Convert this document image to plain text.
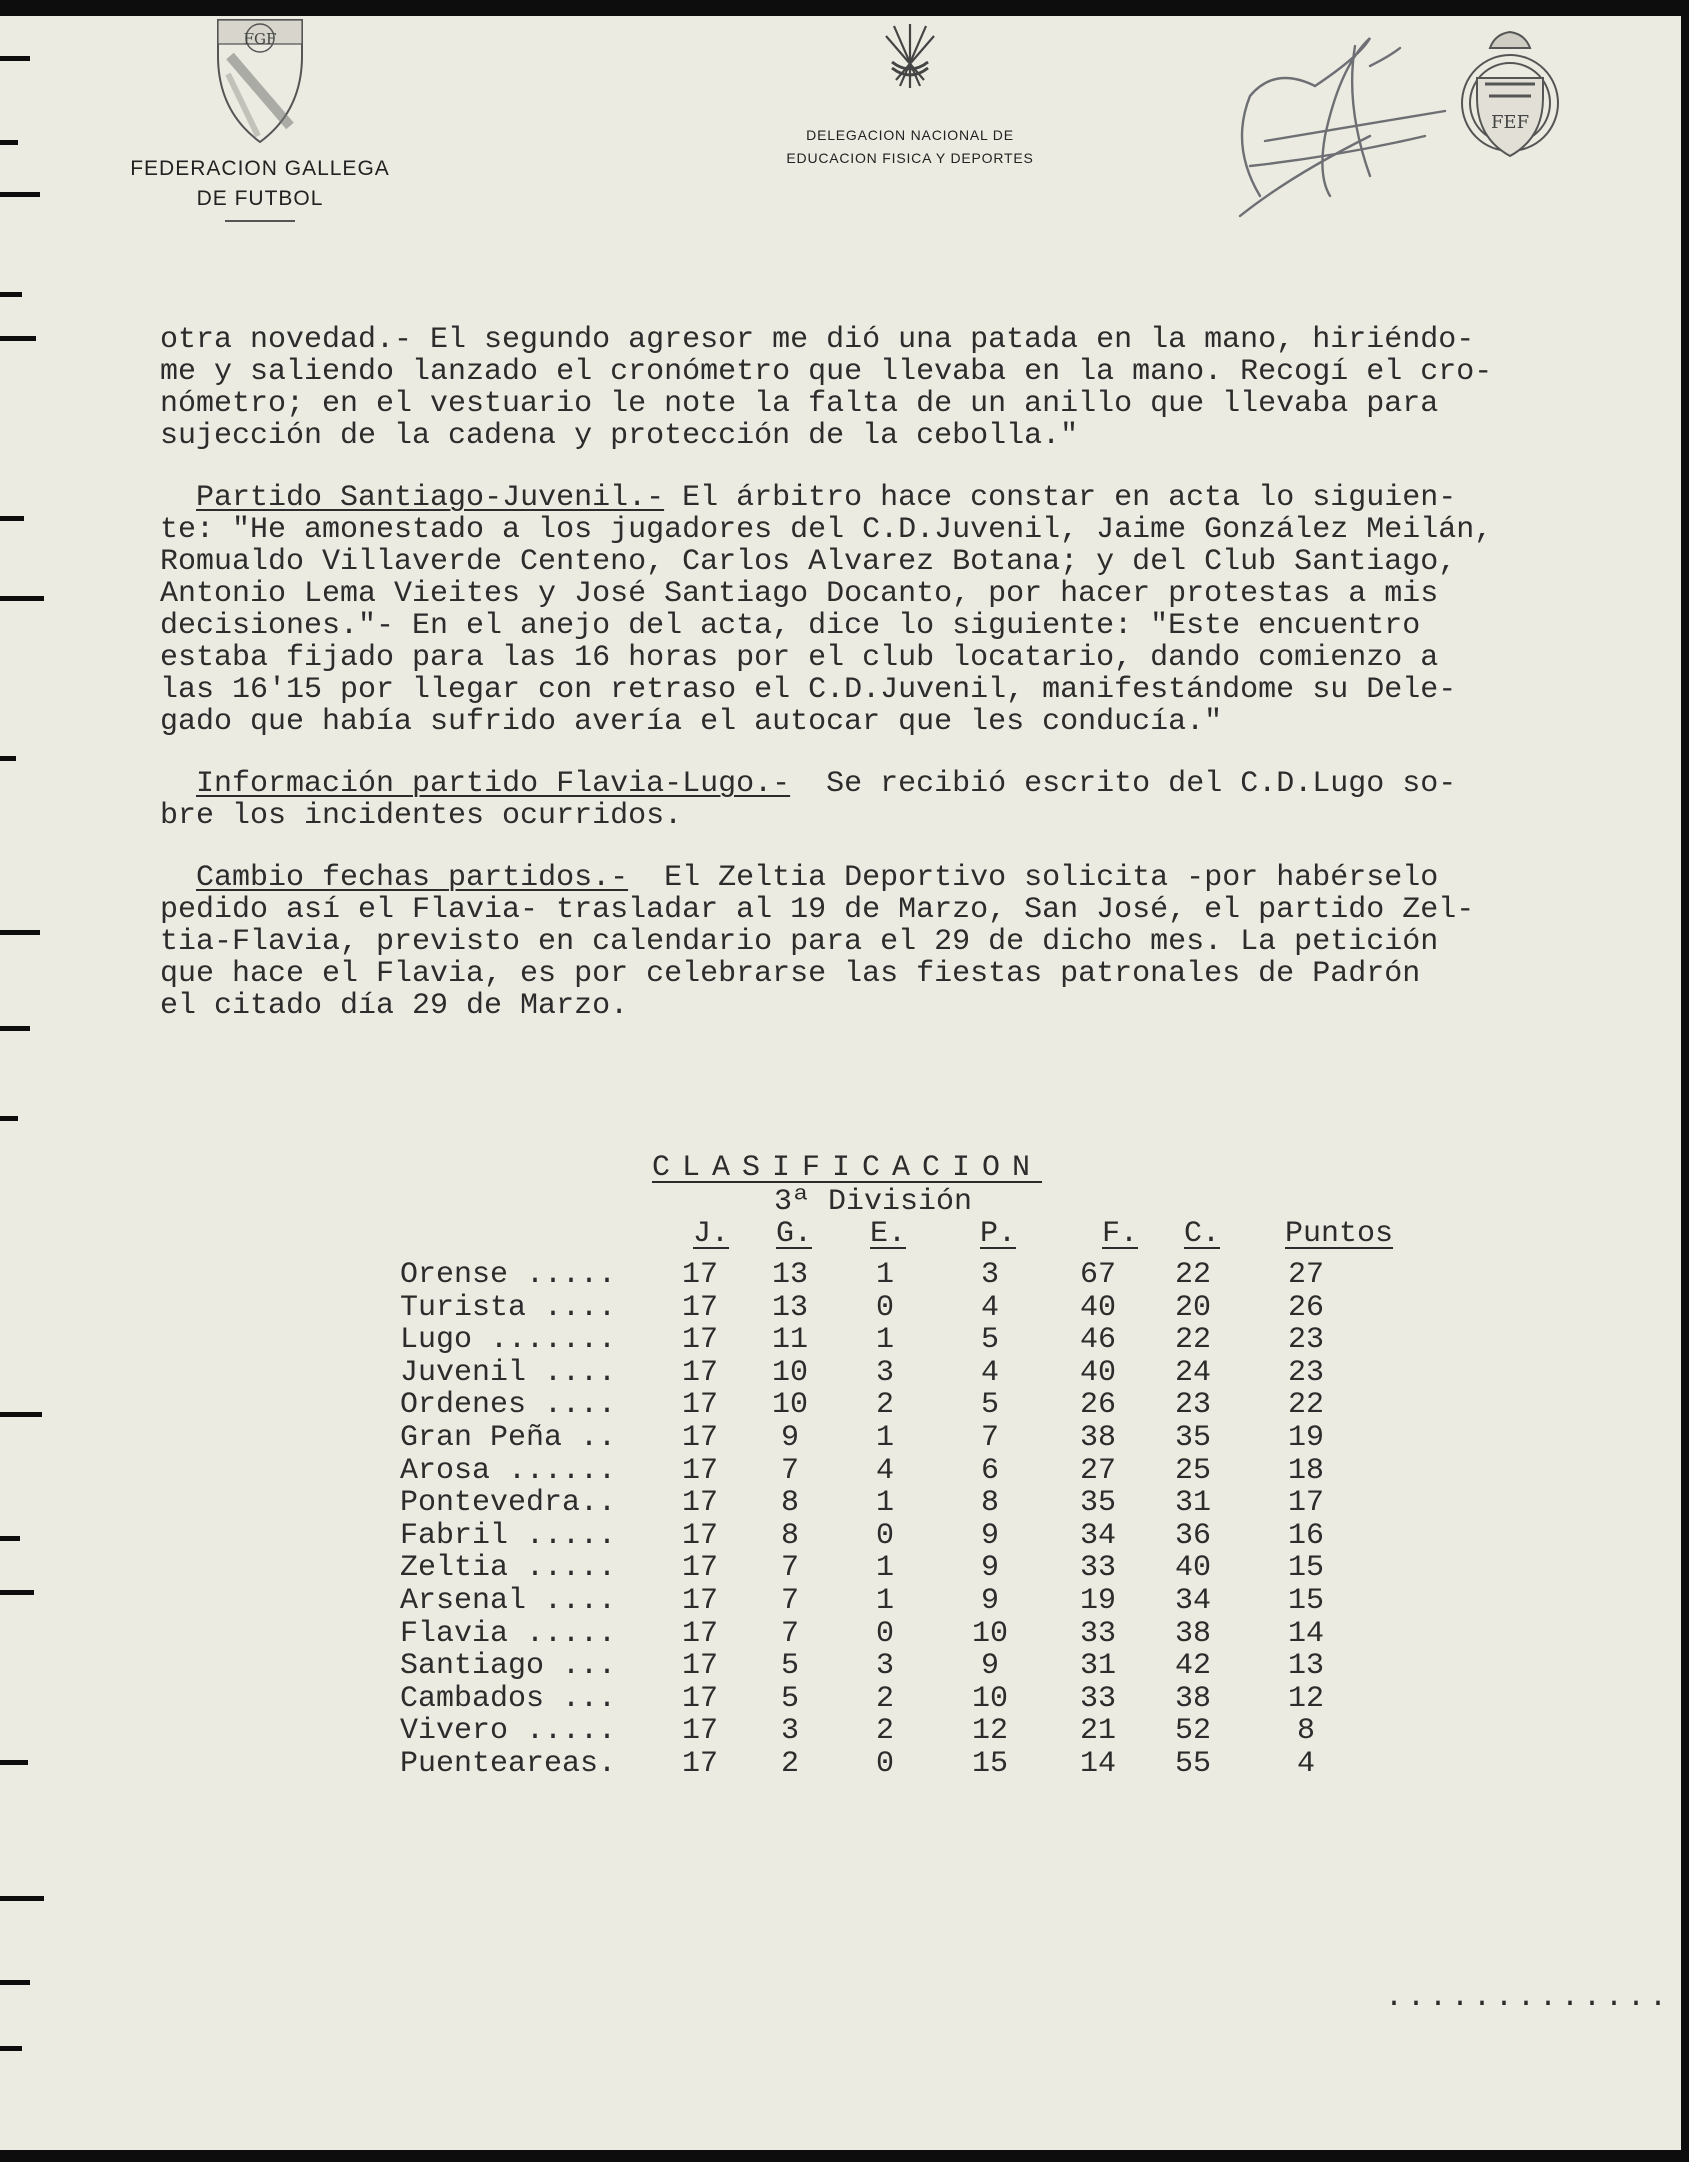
FGF
FEDERACION GALLEGA
DE FUTBOL
DELEGACION NACIONAL DE
EDUCACION FISICA Y DEPORTES
FEF
otra novedad.- El segundo agresor me dió una patada en la mano, hiriéndo-
me y saliendo lanzado el cronómetro que llevaba en la mano. Recogí el cro-
nómetro; en el vestuario le note la falta de un anillo que llevaba para
sujección de la cadena y protección de la cebolla."
Partido Santiago-Juvenil.- El árbitro hace constar en acta lo siguien-
te: "He amonestado a los jugadores del C.D.Juvenil, Jaime González Meilán,
Romualdo Villaverde Centeno, Carlos Alvarez Botana; y del Club Santiago,
Antonio Lema Vieites y José Santiago Docanto, por hacer protestas a mis
decisiones."- En el anejo del acta, dice lo siguiente: "Este encuentro
estaba fijado para las 16 horas por el club locatario, dando comienzo a
las 16'15 por llegar con retraso el C.D.Juvenil, manifestándome su Dele-
gado que había sufrido avería el autocar que les conducía."
Información partido Flavia-Lugo.-  Se recibió escrito del C.D.Lugo so-
bre los incidentes ocurridos.
Cambio fechas partidos.-  El Zeltia Deportivo solicita -por habérselo
pedido así el Flavia- trasladar al 19 de Marzo, San José, el partido Zel-
tia-Flavia, previsto en calendario para el 29 de dicho mes. La petición
que hace el Flavia, es por celebrarse las fiestas patronales de Padrón
el citado día 29 de Marzo.
CLASIFICACION
3ª División
J. G. E. P.	F. C. Puntos
Orense .....	17	13	1	3	67	22	27
Turista ....	17	13	0	4	40	20	26
Lugo .......	17	11	1	5	46	22	23
Juvenil ....	17	10	3	4	40	24	23
Ordenes ....	17	10	2	5	26	23	22
Gran Peña ..	17	9	1	7	38	35	19
Arosa ......	17	7	4	6	27	25	18
Pontevedra..	17	8	1	8	35	31	17
Fabril .....	17	8	0	9	34	36	16
Zeltia .....	17	7	1	9	33	40	15
Arsenal ....	17	7	1	9	19	34	15
Flavia .....	17	7	0	10	33	38	14
Santiago ...	17	5	3	9	31	42	13
Cambados ...	17	5	2	10	33	38	12
Vivero .....	17	3	2	12	21	52	8
Puenteareas.	17	2	0	15	14	55	4
.............
